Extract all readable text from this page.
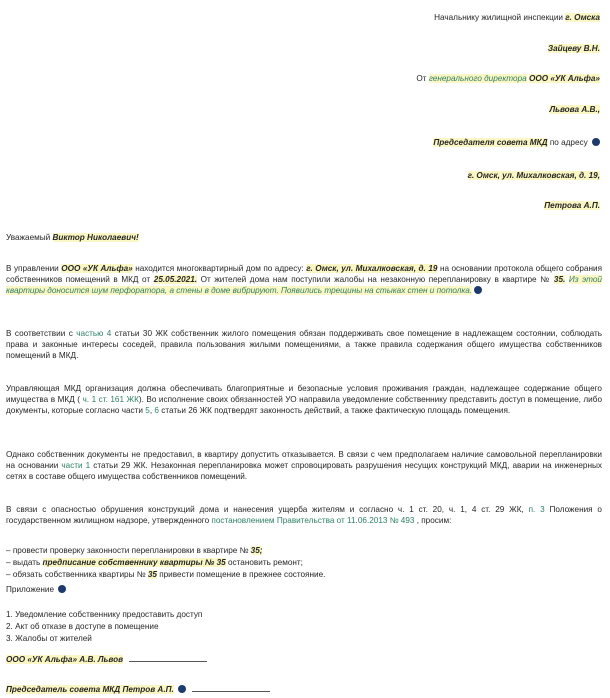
Начальнику жилищной инспекции г. Омска
Зайцеву В.Н.
От генерального директора ООО «УК Альфа»
Львова А.В.,
Председателя совета МКД по адресу
г. Омск, ул. Михалковская, д. 19,
Петрова А.П.
Уважаемый Виктор Николаевич!
В управлении ООО «УК Альфа» находится многоквартирный дом по адресу: г. Омск, ул. Михалковская, д. 19 на основании протокола общего собрания собственников помещений в МКД от 25.05.2021. От жителей дома нам поступили жалобы на незаконную перепланировку в квартире № 35. Из этой квартиры доносится шум перфоратора, а стены в доме вибрируют. Появились трещины на стыках стен и потолка.
В соответствии с частью 4 статьи 30 ЖК собственник жилого помещения обязан поддерживать свое помещение в надлежащем состоянии, соблюдать права и законные интересы соседей, правила пользования жилыми помещениями, а также правила содержания общего имущества собственников помещений в МКД.
Управляющая МКД организация должна обеспечивать благоприятные и безопасные условия проживания граждан, надлежащее содержание общего имущества в МКД ( ч. 1 ст. 161 ЖК). Во исполнение своих обязанностей УО направила уведомление собственнику представить доступ в помещение, либо документы, которые согласно части 5, 6 статьи 26 ЖК подтвердят законность действий, а также фактическую площадь помещения.
Однако собственник документы не предоставил, в квартиру допустить отказывается. В связи с чем предполагаем наличие самовольной перепланировки на основании части 1 статьи 29 ЖК. Незаконная перепланировка может спровоцировать разрушения несущих конструкций МКД, аварии на инженерных сетях в составе общего имущества собственников помещений.
В связи с опасностью обрушения конструкций дома и нанесения ущерба жителям и согласно ч. 1 ст. 20, ч. 1, 4 ст. 29 ЖК, п. 3 Положения о государственном жилищном надзоре, утвержденного постановлением Правительства от 11.06.2013 № 493 , просим:
– провести проверку законности перепланировки в квартире № 35;
– выдать предписание собственнику квартиры № 35 остановить ремонт;
– обязать собственника квартиры № 35 привести помещение в прежнее состояние.
Приложение
1. Уведомление собственнику предоставить доступ
2. Акт об отказе в доступе в помещение
3. Жалобы от жителей
ООО «УК Альфа» А.В. Львов
Председатель совета МКД Петров А.П.
